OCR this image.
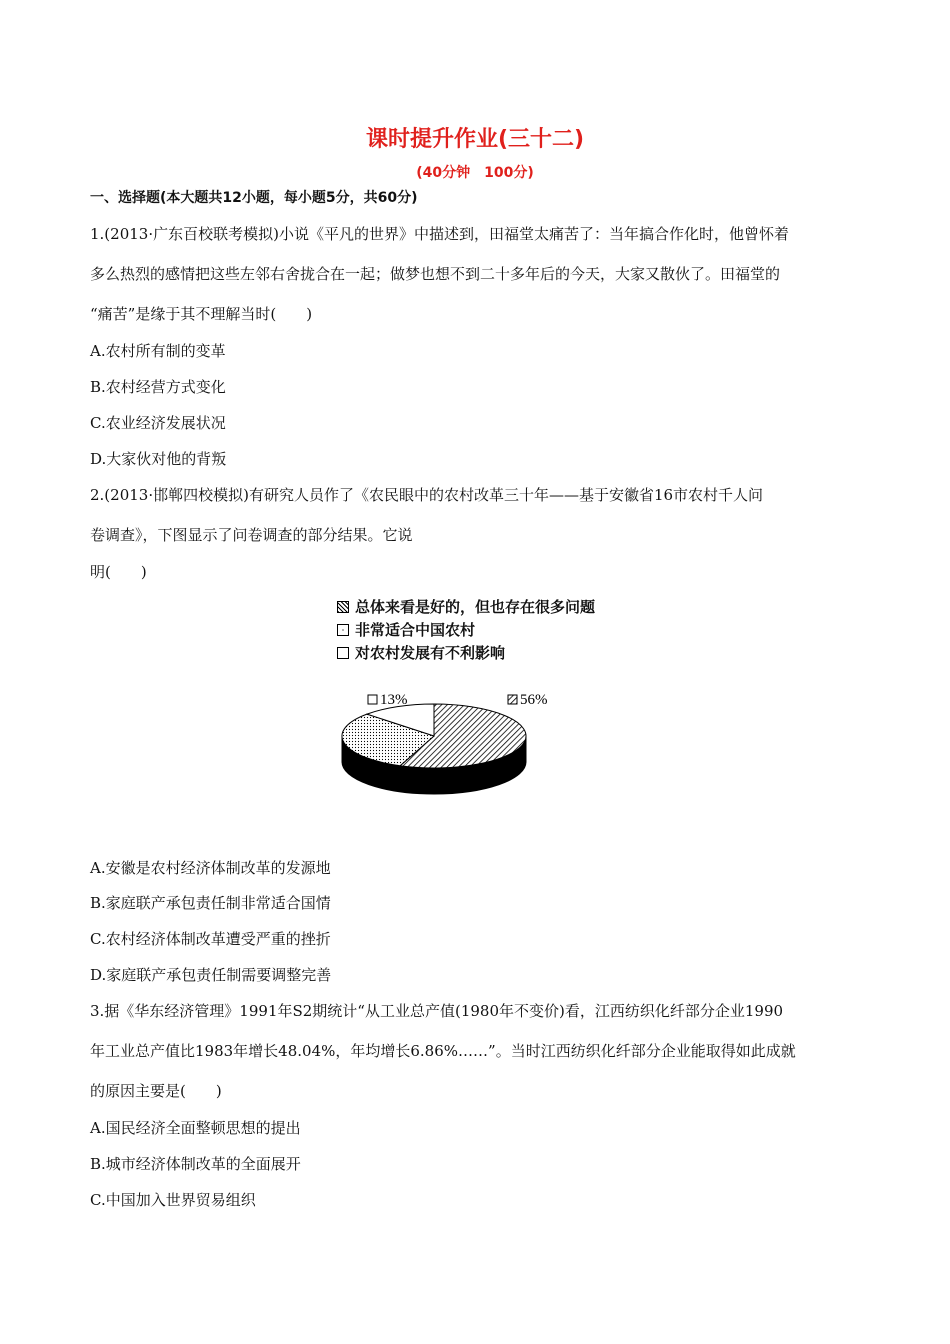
课时提升作业(三十二)
(40分钟　100分)
一、选择题(本大题共12小题，每小题5分，共60分)
1.(2013·广东百校联考模拟)小说《平凡的世界》中描述到，田福堂太痛苦了：当年搞合作化时，他曾怀着
多么热烈的感情把这些左邻右舍拢合在一起；做梦也想不到二十多年后的今天，大家又散伙了。田福堂的
“痛苦”是缘于其不理解当时(　　)
A.农村所有制的变革
B.农村经营方式变化
C.农业经济发展状况
D.大家伙对他的背叛
2.(2013·邯郸四校模拟)有研究人员作了《农民眼中的农村改革三十年——基于安徽省16市农村千人问
卷调查》，下图显示了问卷调查的部分结果。它说
明(　　)
总体来看是好的，但也存在很多问题
非常适合中国农村
对农村发展有不利影响
56%
13%
A.安徽是农村经济体制改革的发源地
B.家庭联产承包责任制非常适合国情
C.农村经济体制改革遭受严重的挫折
D.家庭联产承包责任制需要调整完善
3.据《华东经济管理》1991年S2期统计“从工业总产值(1980年不变价)看，江西纺织化纤部分企业1990
年工业总产值比1983年增长48.04%，年均增长6.86%……”。当时江西纺织化纤部分企业能取得如此成就
的原因主要是(　　)
A.国民经济全面整顿思想的提出
B.城市经济体制改革的全面展开
C.中国加入世界贸易组织
